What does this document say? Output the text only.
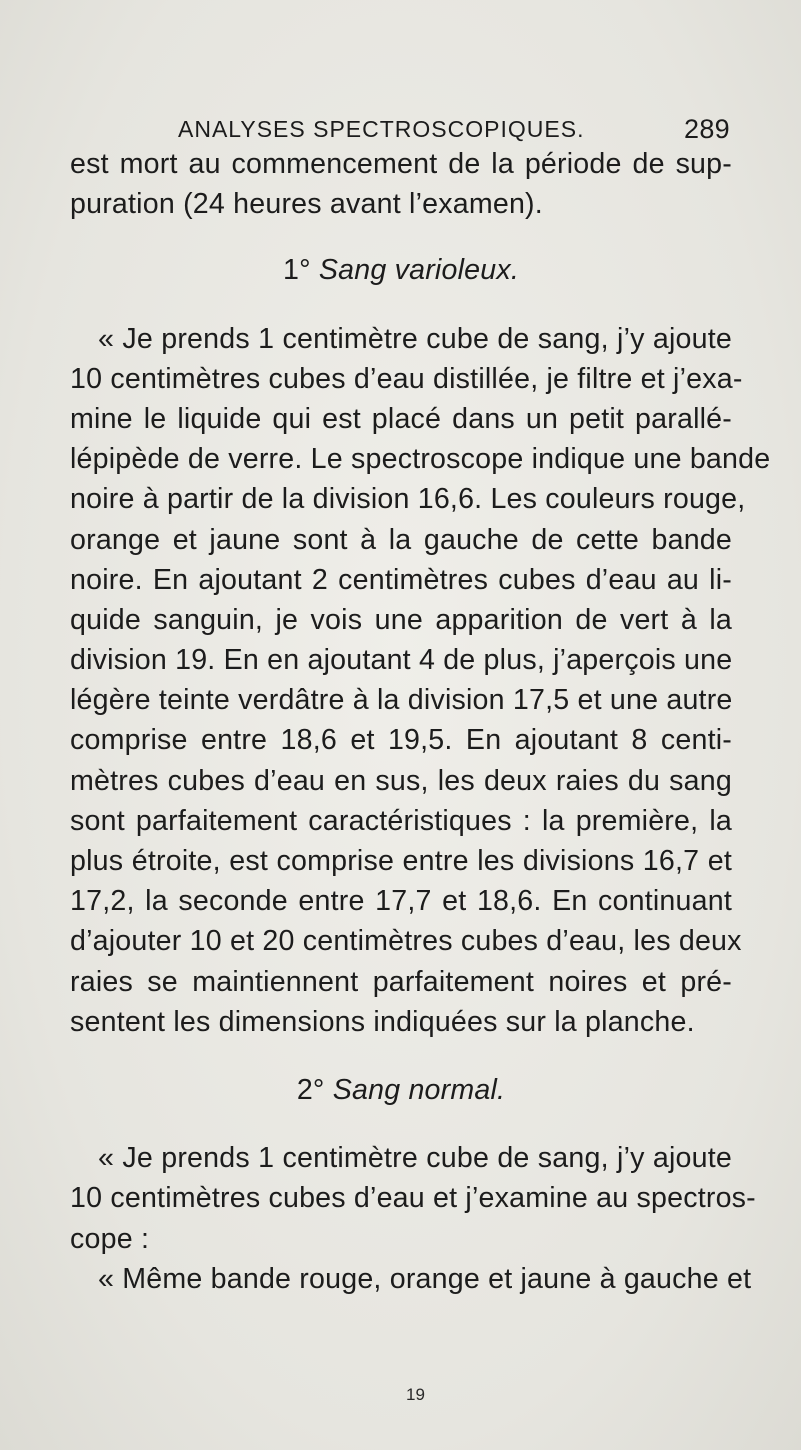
ANALYSES SPECTROSCOPIQUES.	289
est mort au commencement de la période de sup-
puration (24 heures avant l’examen).
1° Sang varioleux.
« Je prends 1 centimètre cube de sang, j’y ajoute
10 centimètres cubes d’eau distillée, je filtre et j’exa-
mine le liquide qui est placé dans un petit parallé-
lépipède de verre. Le spectroscope indique une bande
noire à partir de la division 16,6. Les couleurs rouge,
orange et jaune sont à la gauche de cette bande
noire. En ajoutant 2 centimètres cubes d’eau au li-
quide sanguin, je vois une apparition de vert à la
division 19. En en ajoutant 4 de plus, j’aperçois une
légère teinte verdâtre à la division 17,5 et une autre
comprise entre 18,6 et 19,5. En ajoutant 8 centi-
mètres cubes d’eau en sus, les deux raies du sang
sont parfaitement caractéristiques : la première, la
plus étroite, est comprise entre les divisions 16,7 et
17,2, la seconde entre 17,7 et 18,6. En continuant
d’ajouter 10 et 20 centimètres cubes d’eau, les deux
raies se maintiennent parfaitement noires et pré-
sentent les dimensions indiquées sur la planche.
2° Sang normal.
« Je prends 1 centimètre cube de sang, j’y ajoute
10 centimètres cubes d’eau et j’examine au spectros-
cope :
« Même bande rouge, orange et jaune à gauche et
19
